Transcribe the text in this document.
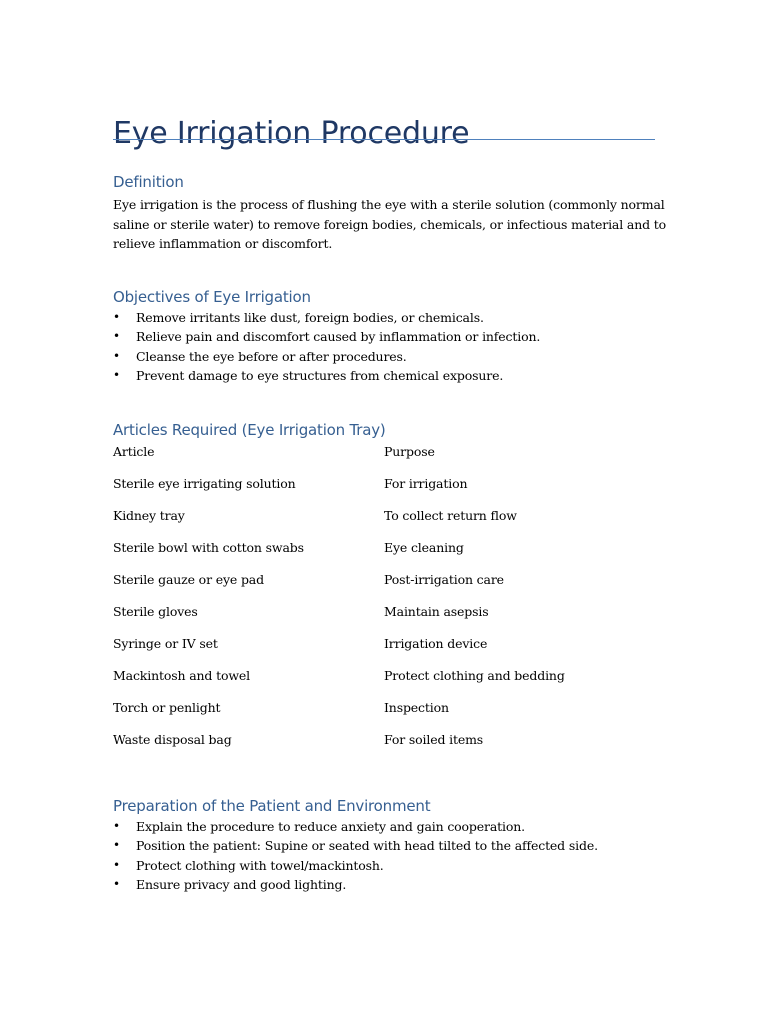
Eye Irrigation Procedure
Definition

Eye irrigation is the process of flushing the eye with a sterile solution (commonly normal saline or sterile water) to remove foreign bodies, chemicals, or infectious material and to relieve inflammation or discomfort.

Objectives of Eye Irrigation
• Remove irritants like dust, foreign bodies, or chemicals.
• Relieve pain and discomfort caused by inflammation or infection.
• Cleanse the eye before or after procedures.
• Prevent damage to eye structures from chemical exposure.
Articles Required (Eye Irrigation Tray)
Article	Purpose
Sterile eye irrigating solution	For irrigation
Kidney tray	To collect return flow
Sterile bowl with cotton swabs	Eye cleaning
Sterile gauze or eye pad	Post-irrigation care
Sterile gloves	Maintain asepsis
Syringe or IV set	Irrigation device
Mackintosh and towel	Protect clothing and bedding
Torch or penlight	Inspection
Waste disposal bag	For soiled items
Preparation of the Patient and Environment
• Explain the procedure to reduce anxiety and gain cooperation.
• Position the patient: Supine or seated with head tilted to the affected side.
• Protect clothing with towel/mackintosh.
• Ensure privacy and good lighting.
